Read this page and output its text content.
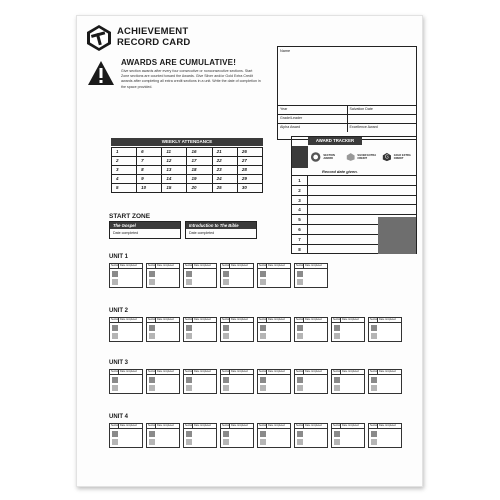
ACHIEVEMENT
RECORD CARD
AWARDS ARE CUMULATIVE!
Give section awards after every four consecutive or nonconsecutive sections. Start Zone sections are counted toward the Awards. Give Silver and/or Gold Extra Credit awards after completing all extra credit sections in a unit. Write the date of completion in the space provided.
Name
Year	Salvation Date
Grade/Leader
Alpha Award	Excellence Award
WEEKLY ATTENDANCE
1	6	11	16	21	26
2	7	12	17	22	27
3	8	13	18	23	28
4	9	14	19	24	29
5	10	15	20	25	30
AWARD TRACKER
SECTION AWARD
SILVER EXTRA CREDIT	G GOLD EXTRA CREDIT
Record date given.
1
2
3
4
5
6
7
8
START ZONE
The Gospel
Date completed
Introduction to The Bible
Date completed
UNIT 1
Section Date completed	Section Date completed	Section Date completed	Section Date completed	Section Date completed	Section Date completed
UNIT 2
Section Date completed	Section Date completed	Section Date completed	Section Date completed	Section Date completed	Section Date completed	Section Date completed	Section Date completed
UNIT 3
Section Date completed	Section Date completed	Section Date completed	Section Date completed	Section Date completed	Section Date completed	Section Date completed	Section Date completed
UNIT 4
Section Date completed	Section Date completed	Section Date completed	Section Date completed	Section Date completed	Section Date completed	Section Date completed	Section Date completed
